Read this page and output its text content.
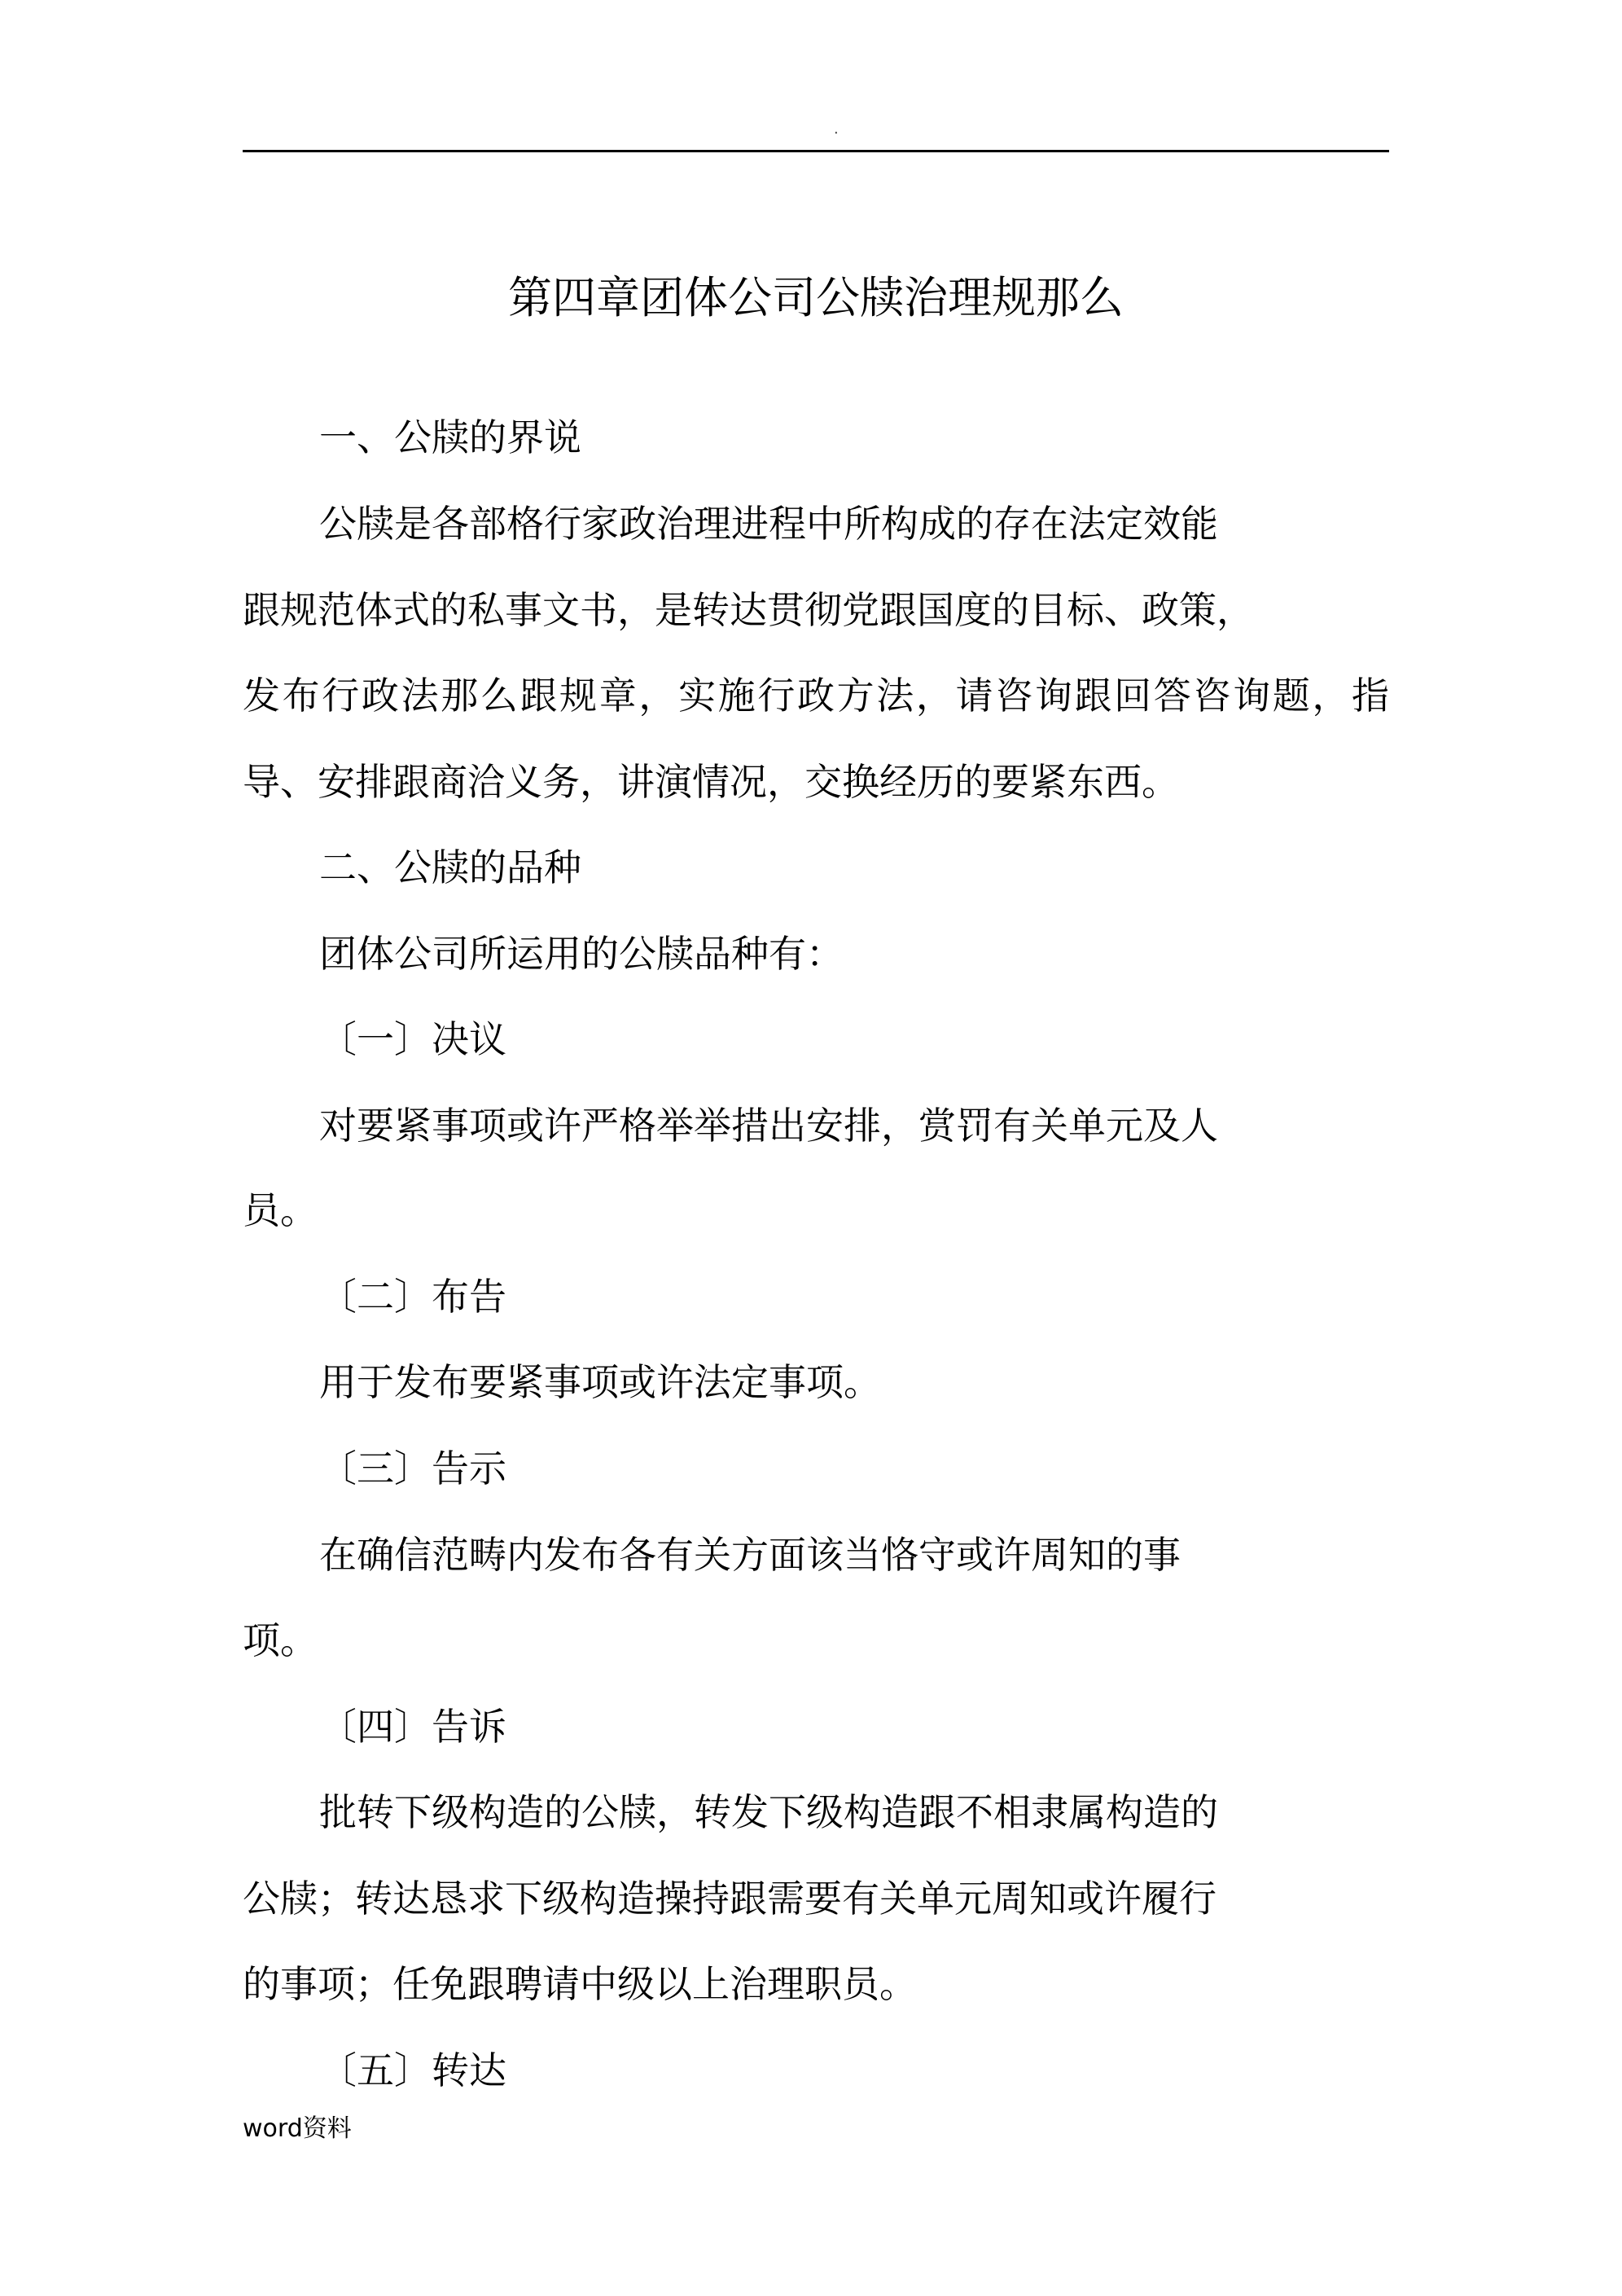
.
第四章团体公司公牍治理规那么
一、公牍的界说
公牍是各部格行家政治理进程中所构成的存在法定效能
跟规范体式的私事文书，是转达贯彻党跟国度的目标、政策，
发布行政法那么跟规章，实施行政方法，请咨询跟回答咨询题，指
导、安排跟商洽义务，讲演情况，交换经历的要紧东西。
二、公牍的品种
团体公司所运用的公牍品种有：
〔一〕决议
对要紧事项或许严格举举措出安排，赏罚有关单元及人
员。
〔二〕布告
用于发布要紧事项或许法定事项。
〔三〕告示
在确信范畴内发布各有关方面该当恪守或许周知的事
项。
〔四〕告诉
批转下级构造的公牍，转发下级构造跟不相隶属构造的
公牍；转达恳求下级构造操持跟需要有关单元周知或许履行
的事项；任免跟聘请中级以上治理职员。
〔五〕转达
word资料
